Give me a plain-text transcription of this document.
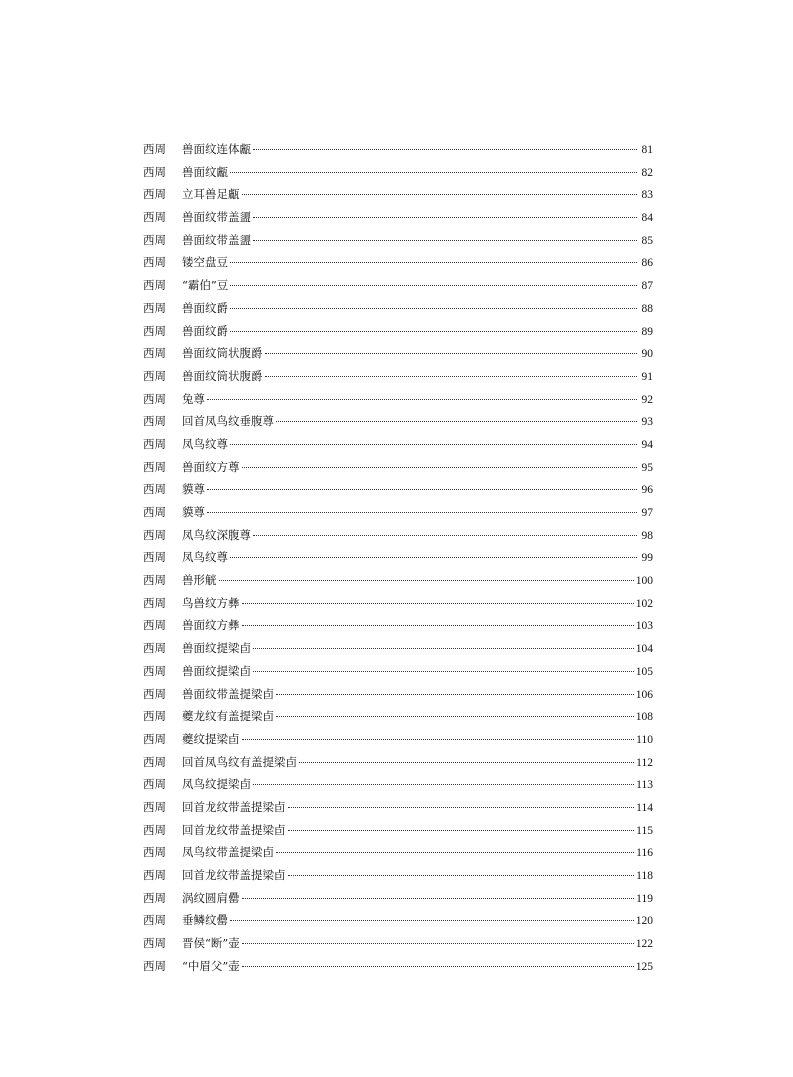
西周	兽面纹连体甗	81
西周	兽面纹甗	82
西周	立耳兽足甗	83
西周	兽面纹带盖盨	84
西周	兽面纹带盖盨	85
西周	镂空盘豆	86
西周	“霸伯”豆	87
西周	兽面纹爵	88
西周	兽面纹爵	89
西周	兽面纹筒状腹爵	90
西周	兽面纹筒状腹爵	91
西周	兔尊	92
西周	回首凤鸟纹垂腹尊	93
西周	凤鸟纹尊	94
西周	兽面纹方尊	95
西周	貘尊	96
西周	貘尊	97
西周	凤鸟纹深腹尊	98
西周	凤鸟纹尊	99
西周	兽形觥	100
西周	鸟兽纹方彝	102
西周	兽面纹方彝	103
西周	兽面纹提梁卣	104
西周	兽面纹提梁卣	105
西周	兽面纹带盖提梁卣	106
西周	夔龙纹有盖提梁卣	108
西周	夔纹提梁卣	110
西周	回首凤鸟纹有盖提梁卣	112
西周	凤鸟纹提梁卣	113
西周	回首龙纹带盖提梁卣	114
西周	回首龙纹带盖提梁卣	115
西周	凤鸟纹带盖提梁卣	116
西周	回首龙纹带盖提梁卣	118
西周	涡纹圆肩罍	119
西周	垂鳞纹罍	120
西周	晋侯“断”壶	122
西周	“中眉父”壶	125
